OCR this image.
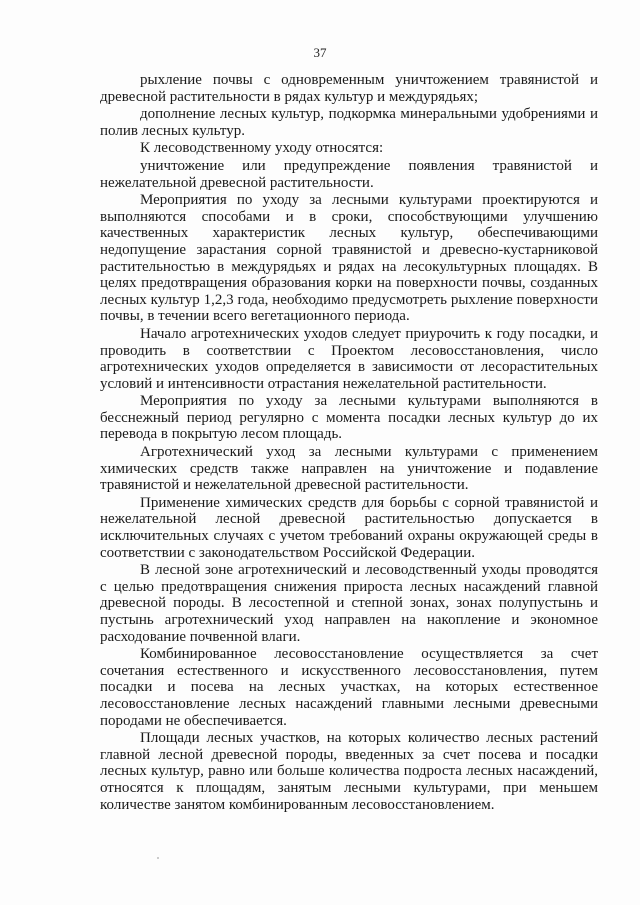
37

рыхление почвы с одновременным уничтожением травянистой и древесной растительности в рядах культур и междурядьях;

дополнение лесных культур, подкормка минеральными удобрениями и полив лесных культур.

К лесоводственному уходу относятся:

уничтожение или предупреждение появления травянистой и нежелательной древесной растительности.

Мероприятия по уходу за лесными культурами проектируются и выполняются способами и в сроки, способствующими улучшению качественных характеристик лесных культур, обеспечивающими недопущение зарастания сорной травянистой и древесно-кустарниковой растительностью в междурядьях и рядах на лесокультурных площадях. В целях предотвращения образования корки на поверхности почвы, созданных лесных культур 1,2,3 года, необходимо предусмотреть рыхление поверхности почвы, в течении всего вегетационного периода.

Начало агротехнических уходов следует приурочить к году посадки, и проводить в соответствии с Проектом лесовосстановления, число агротехнических уходов определяется в зависимости от лесорастительных условий и интенсивности отрастания нежелательной растительности.

Мероприятия по уходу за лесными культурами выполняются в бесснежный период регулярно с момента посадки лесных культур до их перевода в покрытую лесом площадь.

Агротехнический уход за лесными культурами с применением химических средств также направлен на уничтожение и подавление травянистой и нежелательной древесной растительности.

Применение химических средств для борьбы с сорной травянистой и нежелательной лесной древесной растительностью допускается в исключительных случаях с учетом требований охраны окружающей среды в соответствии с законодательством Российской Федерации.

В лесной зоне агротехнический и лесоводственный уходы проводятся с целью предотвращения снижения прироста лесных насаждений главной древесной породы. В лесостепной и степной зонах, зонах полупустынь и пустынь агротехнический уход направлен на накопление и экономное расходование почвенной влаги.

Комбинированное лесовосстановление осуществляется за счет сочетания естественного и искусственного лесовосстановления, путем посадки и посева на лесных участках, на которых естественное лесовосстановление лесных насаждений главными лесными древесными породами не обеспечивается.

Площади лесных участков, на которых количество лесных растений главной лесной древесной породы, введенных за счет посева и посадки лесных культур, равно или больше количества подроста лесных насаждений, относятся к площадям, занятым лесными культурами, при меньшем количестве занятом комбинированным лесовосстановлением.
